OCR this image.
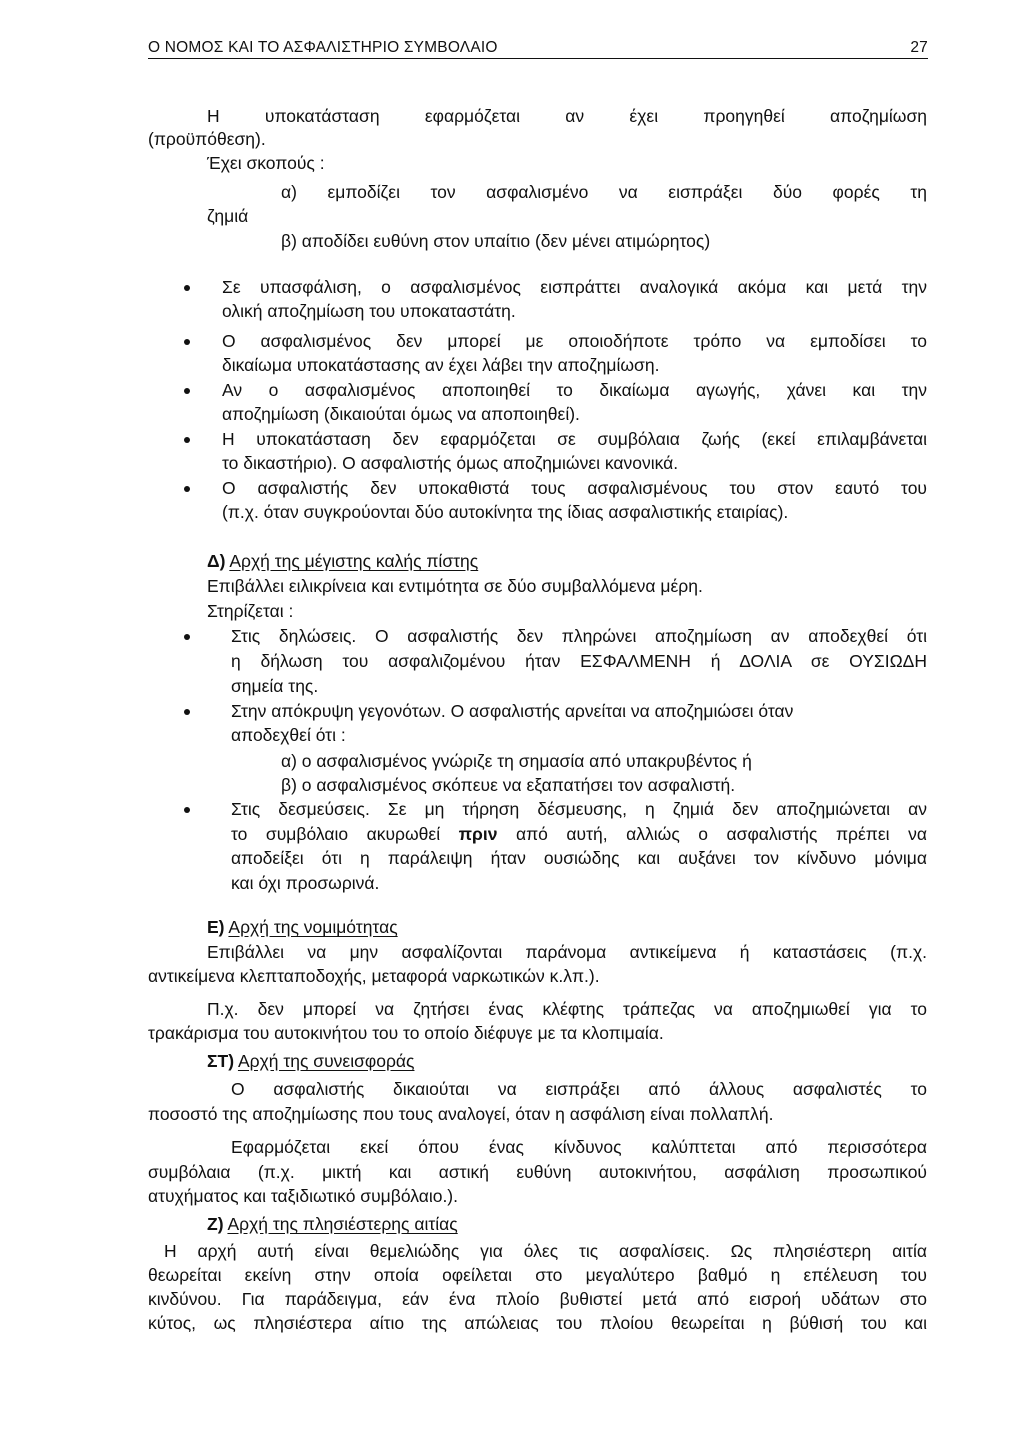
Ο ΝΟΜΟΣ ΚΑΙ ΤΟ ΑΣΦΑΛΙΣΤΗΡΙΟ ΣΥΜΒΟΛΑΙΟ	27
Η υποκατάσταση εφαρμόζεται αν έχει προηγηθεί αποζημίωση
(προϋπόθεση).
Έχει σκοπούς :
α) εμποδίζει τον ασφαλισμένο να εισπράξει δύο φορές τη
ζημιά
β) αποδίδει ευθύνη στον υπαίτιο (δεν μένει ατιμώρητος)
Σε υπασφάλιση, ο ασφαλισμένος εισπράττει αναλογικά ακόμα και μετά την
ολική αποζημίωση του υποκαταστάτη.
Ο ασφαλισμένος δεν μπορεί με οποιοδήποτε τρόπο να εμποδίσει το
δικαίωμα υποκατάστασης αν έχει λάβει την αποζημίωση.
Αν ο ασφαλισμένος αποποιηθεί το δικαίωμα αγωγής, χάνει και την
αποζημίωση (δικαιούται όμως να αποποιηθεί).
Η υποκατάσταση δεν εφαρμόζεται σε συμβόλαια ζωής (εκεί επιλαμβάνεται
το δικαστήριο). Ο ασφαλιστής όμως αποζημιώνει κανονικά.
Ο ασφαλιστής δεν υποκαθιστά τους ασφαλισμένους του στον εαυτό του
(π.χ. όταν συγκρούονται δύο αυτοκίνητα της ίδιας ασφαλιστικής εταιρίας).
Δ) Αρχή της μέγιστης καλής πίστης
Επιβάλλει ειλικρίνεια και εντιμότητα σε δύο συμβαλλόμενα μέρη.
Στηρίζεται :
Στις δηλώσεις. Ο ασφαλιστής δεν πληρώνει αποζημίωση αν αποδεχθεί ότι
η δήλωση του ασφαλιζομένου ήταν ΕΣΦΑΛΜΕΝΗ ή ΔΟΛΙΑ σε ΟΥΣΙΩΔΗ
σημεία της.
Στην απόκρυψη γεγονότων. Ο ασφαλιστής αρνείται να αποζημιώσει όταν
αποδεχθεί ότι :
α) ο ασφαλισμένος γνώριζε τη σημασία από υπακρυβέντος ή
β) ο ασφαλισμένος σκόπευε να εξαπατήσει τον ασφαλιστή.
Στις δεσμεύσεις. Σε μη τήρηση δέσμευσης, η ζημιά δεν αποζημιώνεται αν
το συμβόλαιο ακυρωθεί πριν από αυτή, αλλιώς ο ασφαλιστής πρέπει να
αποδείξει ότι η παράλειψη ήταν ουσιώδης και αυξάνει τον κίνδυνο μόνιμα
και όχι προσωρινά.
Ε) Αρχή της νομιμότητας
Επιβάλλει να μην ασφαλίζονται παράνομα αντικείμενα ή καταστάσεις (π.χ.
αντικείμενα κλεπταποδοχής, μεταφορά ναρκωτικών κ.λπ.).
Π.χ. δεν μπορεί να ζητήσει ένας κλέφτης τράπεζας να αποζημιωθεί για το
τρακάρισμα του αυτοκινήτου του το οποίο διέφυγε με τα κλοπιμαία.
ΣΤ) Αρχή της συνεισφοράς
Ο ασφαλιστής δικαιούται να εισπράξει από άλλους ασφαλιστές το
ποσοστό της αποζημίωσης που τους αναλογεί, όταν η ασφάλιση είναι πολλαπλή.
Εφαρμόζεται εκεί όπου ένας κίνδυνος καλύπτεται από περισσότερα
συμβόλαια (π.χ. μικτή και αστική ευθύνη αυτοκινήτου, ασφάλιση προσωπικού
ατυχήματος και ταξιδιωτικό συμβόλαιο.).
Ζ) Αρχή της πλησιέστερης αιτίας
Η αρχή αυτή είναι θεμελιώδης για όλες τις ασφαλίσεις. Ως πλησιέστερη αιτία
θεωρείται εκείνη στην οποία οφείλεται στο μεγαλύτερο βαθμό η επέλευση του
κινδύνου. Για παράδειγμα, εάν ένα πλοίο βυθιστεί μετά από εισροή υδάτων στο
κύτος, ως πλησιέστερα αίτιο της απώλειας του πλοίου θεωρείται η βύθισή του και
